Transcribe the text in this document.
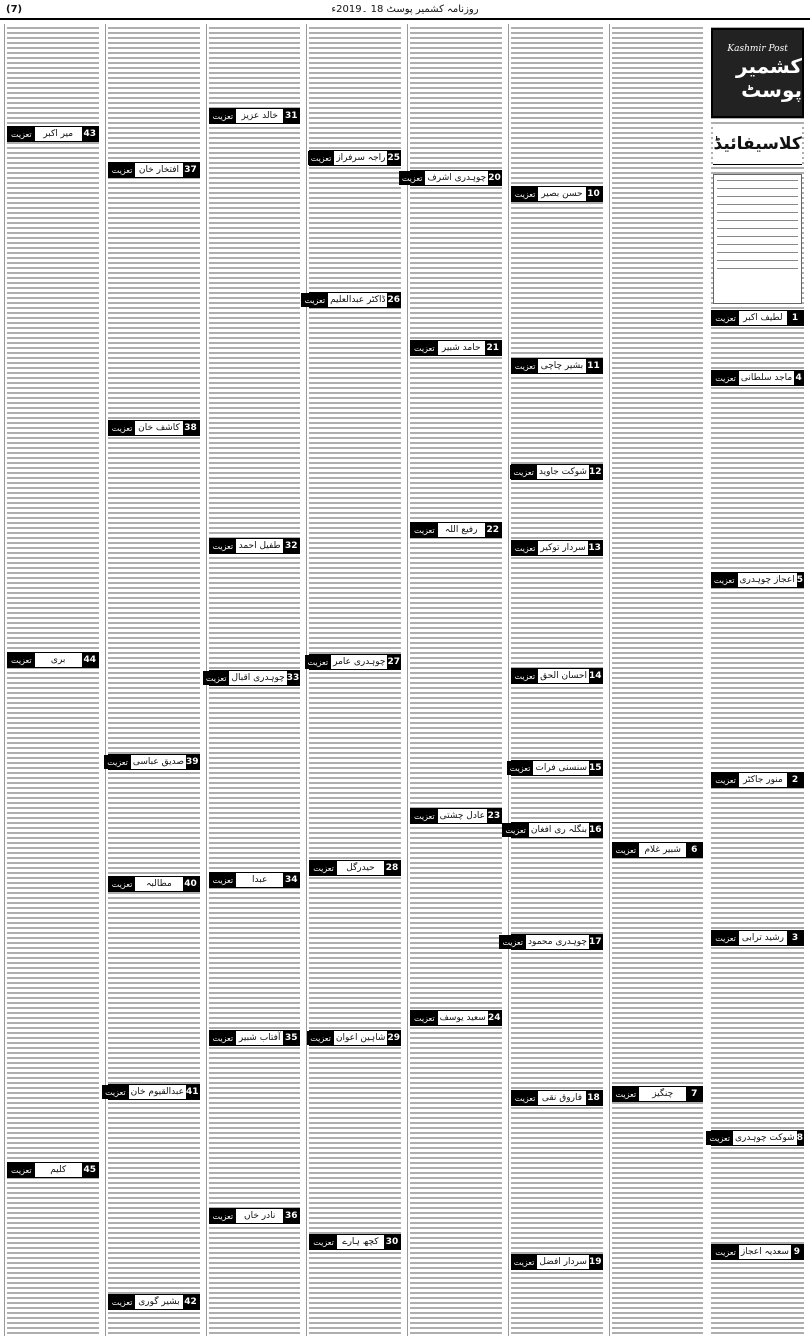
(7)	روزنامہ کشمیر پوسٹ 18 ۔2019ء
Kashmir Post
کشمیر پوسٹ
کلاسیفائیڈ
1
لطیف اکبر
تعزیت
4
ماجد سلطانی
تعزیت
5
اعجاز چوہدری
تعزیت
2
منور جاکٹر
تعزیت
3
رشید ترابی
تعزیت
8
شوکت چوہدری
تعزیت
9
سعدیہ اعجاز
تعزیت
6
شبیر غلام
تعزیت
7
چنگیز
تعزیت
10
حسن بصیر
تعزیت
11
بشیر چاچی
تعزیت
12
شوکت جاوید
تعزیت
13
سردار توکیر
تعزیت
14
احسان الحق
تعزیت
15
سنسنی فرات
تعزیت
16
بنگلہ ری افغان
تعزیت
17
چوہدری محمود
تعزیت
18
فاروق نقی
تعزیت
19
سردار افضل
تعزیت
20
چوہدری اشرف
تعزیت
21
حامد شبیر
تعزیت
22
رفیع اللہ
تعزیت
23
عادل چشتی
تعزیت
24
سعید یوسف
تعزیت
25
راجہ سرفراز
تعزیت
26
ڈاکٹر عبدالعلیم
تعزیت
27
چوہدری عامر
تعزیت
28
حیدرگل
تعزیت
29
شاہین اعوان
تعزیت
30
کچھ ہارے
تعزیت
31
خالد عزیز
تعزیت
32
طفیل احمد
تعزیت
33
چوہدری اقبال
تعزیت
34
عبدا
تعزیت
35
آفتاب شبیر
تعزیت
36
نادر خاں
تعزیت
37
افتخار خان
تعزیت
38
کاشف خان
تعزیت
39
صدیق عباسی
تعزیت
40
مطالبہ
تعزیت
41
عبدالقیوم خان
تعزیت
42
بشیر گوری
تعزیت
43
میر اکبر
تعزیت
44
بری
تعزیت
45
کلیم
تعزیت
